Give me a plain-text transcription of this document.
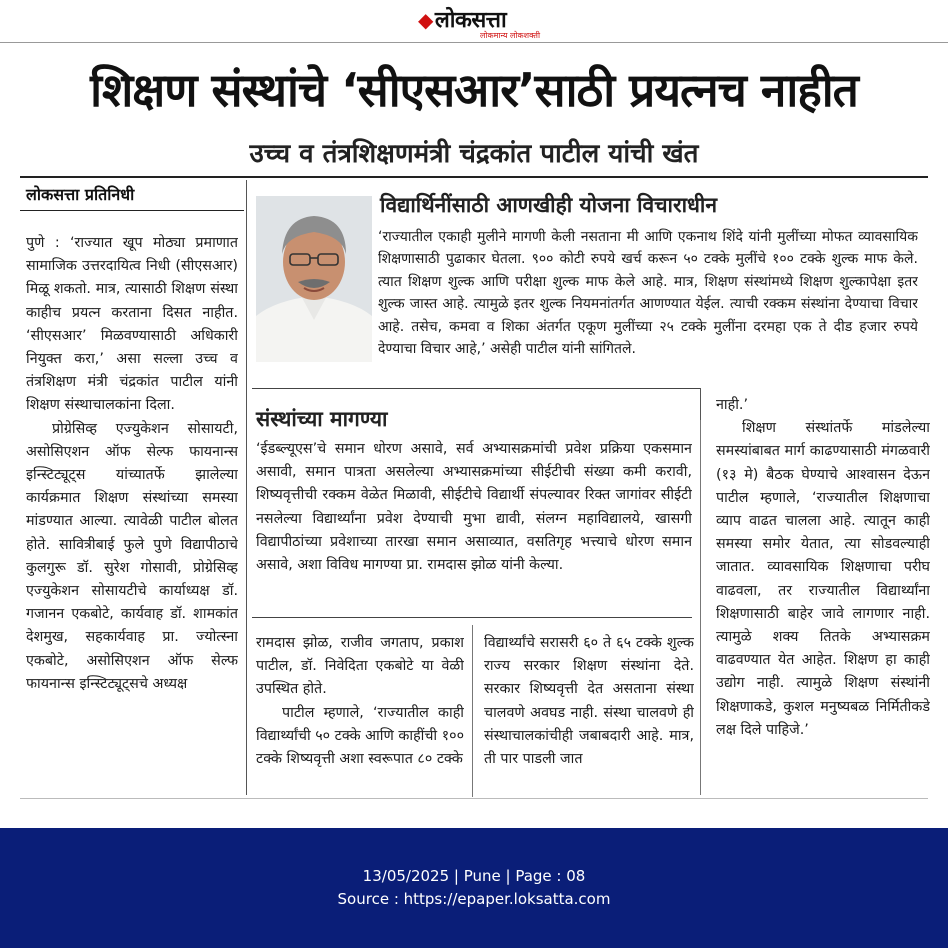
◆लोकसत्ता
लोकमान्य लोकशक्ती
शिक्षण संस्थांचे ‘सीएसआर’साठी प्रयत्नच नाहीत
उच्च व तंत्रशिक्षणमंत्री चंद्रकांत पाटील यांची खंत
लोकसत्ता प्रतिनिधी

पुणे : ‘राज्यात खूप मोठ्या प्रमाणात सामाजिक उत्तरदायित्व निधी (सीएसआर) मिळू शकतो. मात्र, त्यासाठी शिक्षण संस्था काहीच प्रयत्न करताना दिसत नाहीत. ‘सीएसआर’ मिळवण्यासाठी अधिकारी नियुक्त करा,’ असा सल्ला उच्च व तंत्रशिक्षण मंत्री चंद्रकांत पाटील यांनी शिक्षण संस्थाचालकांना दिला.

प्रोग्रेसिव्ह एज्युकेशन सोसायटी, असोसिएशन ऑफ सेल्फ फायनान्स इन्स्टिट्यूट्स यांच्यातर्फे झालेल्या कार्यक्रमात शिक्षण संस्थांच्या समस्या मांडण्यात आल्या. त्यावेळी पाटील बोलत होते. सावित्रीबाई फुले पुणे विद्यापीठाचे कुलगुरू डॉ. सुरेश गोसावी, प्रोग्रेसिव्ह एज्युकेशन सोसायटीचे कार्याध्यक्ष डॉ. गजानन एकबोटे, कार्यवाह डॉ. शामकांत देशमुख, सहकार्यवाह प्रा. ज्योत्स्ना एकबोटे, असोसिएशन ऑफ सेल्फ फायनान्स इन्स्टिट्यूट्सचे अध्यक्ष

विद्यार्थिनींसाठी आणखीही योजना विचाराधीन

‘राज्यातील एकाही मुलीने मागणी केली नसताना मी आणि एकनाथ शिंदे यांनी मुलींच्या मोफत व्यावसायिक शिक्षणासाठी पुढाकार घेतला. ९०० कोटी रुपये खर्च करून ५० टक्के मुलींचे १०० टक्के शुल्क माफ केले. त्यात शिक्षण शुल्क आणि परीक्षा शुल्क माफ केले आहे. मात्र, शिक्षण संस्थांमध्ये शिक्षण शुल्कापेक्षा इतर शुल्क जास्त आहे. त्यामुळे इतर शुल्क नियमनांतर्गत आणण्यात येईल. त्याची रक्कम संस्थांना देण्याचा विचार आहे. तसेच, कमवा व शिका अंतर्गत एकूण मुलींच्या २५ टक्के मुलींना दरमहा एक ते दीड हजार रुपये देण्याचा विचार आहे,’ असेही पाटील यांनी सांगितले.

संस्थांच्या मागण्या

‘ईडब्ल्यूएस’चे समान धोरण असावे, सर्व अभ्यासक्रमांची प्रवेश प्रक्रिया एकसमान असावी, समान पात्रता असलेल्या अभ्यासक्रमांच्या सीईटीची संख्या कमी करावी, शिष्यवृत्तीची रक्कम वेळेत मिळावी, सीईटीचे विद्यार्थी संपल्यावर रिक्त जागांवर सीईटी नसलेल्या विद्यार्थ्यांना प्रवेश देण्याची मुभा द्यावी, संलग्न महाविद्यालये, खासगी विद्यापीठांच्या प्रवेशाच्या तारखा समान असाव्यात, वसतिगृह भत्त्याचे धोरण समान असावे, अशा विविध मागण्या प्रा. रामदास झोळ यांनी केल्या.

रामदास झोळ, राजीव जगताप, प्रकाश पाटील, डॉ. निवेदिता एकबोटे या वेळी उपस्थित होते.

पाटील म्हणाले, ‘राज्यातील काही विद्यार्थ्यांची ५० टक्के आणि काहींची १०० टक्के शिष्यवृत्ती अशा स्वरूपात ८० टक्के

विद्यार्थ्यांचे सरासरी ६० ते ६५ टक्के शुल्क राज्य सरकार शिक्षण संस्थांना देते. सरकार शिष्यवृत्ती देत असताना संस्था चालवणे अवघड नाही. संस्था चालवणे ही संस्थाचालकांचीही जबाबदारी आहे. मात्र, ती पार पाडली जात

नाही.’

शिक्षण संस्थांतर्फे मांडलेल्या समस्यांबाबत मार्ग काढण्यासाठी मंगळवारी (१३ मे) बैठक घेण्याचे आश्वासन देऊन पाटील म्हणाले, ‘राज्यातील शिक्षणाचा व्याप वाढत चालला आहे. त्यातून काही समस्या समोर येतात, त्या सोडवल्याही जातात. व्यावसायिक शिक्षणाचा परीघ वाढवला, तर राज्यातील विद्यार्थ्यांना शिक्षणासाठी बाहेर जावे लागणार नाही. त्यामुळे शक्य तितके अभ्यासक्रम वाढवण्यात येत आहेत. शिक्षण हा काही उद्योग नाही. त्यामुळे शिक्षण संस्थांनी शिक्षणाकडे, कुशल मनुष्यबळ निर्मितीकडे लक्ष दिले पाहिजे.’

13/05/2025 | Pune | Page : 08
Source : https://epaper.loksatta.com
